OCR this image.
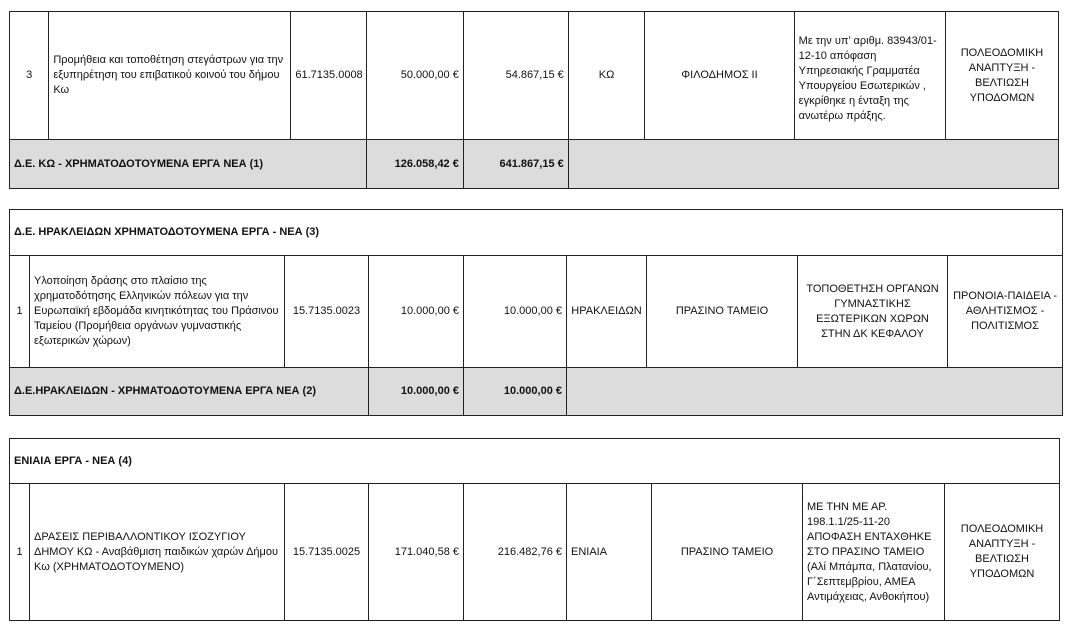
3	Προμήθεια και τοποθέτηση στεγάστρων για την εξυπηρέτηση του επιβατικού κοινού του δήμου Κω	61.7135.0008	50.000,00 €	54.867,15 €	ΚΩ	ΦΙΛΟΔΗΜΟΣ ΙΙ	Με την υπ’ αριθμ. 83943/01-12-10 απόφαση Υπηρεσιακής Γραμματέα Υπουργείου Εσωτερικών , εγκρίθηκε η ένταξη της ανωτέρω πράξης.	ΠΟΛΕΟΔΟΜΙΚΗ ΑΝΑΠΤΥΞΗ - ΒΕΛΤΙΩΣΗ ΥΠΟΔΟΜΩΝ
Δ.Ε. ΚΩ - ΧΡΗΜΑΤΟΔΟΤΟΥΜΕΝΑ ΕΡΓΑ ΝΕΑ (1)			126.058,42 €	641.867,15 €				
Δ.Ε. ΗΡΑΚΛΕΙΔΩΝ ΧΡΗΜΑΤΟΔΟΤΟΥΜΕΝΑ ΕΡΓΑ - ΝΕΑ (3)								
1	Υλοποίηση δράσης στο πλαίσιο της χρηματοδότησης Ελληνικών πόλεων για την Ευρωπαϊκή εβδομάδα κινητικότητας του Πράσινου Ταμείου (Προμήθεια οργάνων γυμναστικής εξωτερικών χώρων)	15.7135.0023	10.000,00 €	10.000,00 €	ΗΡΑΚΛΕΙΔΩΝ	ΠΡΑΣΙΝΟ ΤΑΜΕΙΟ	ΤΟΠΟΘΕΤΗΣΗ ΟΡΓΑΝΩΝ ΓΥΜΝΑΣΤΙΚΗΣ ΕΞΩΤΕΡΙΚΩΝ ΧΩΡΩΝ ΣΤΗΝ ΔΚ ΚΕΦΑΛΟΥ	ΠΡΟΝΟΙΑ-ΠΑΙΔΕΙΑ - ΑΘΛΗΤΙΣΜΟΣ - ΠΟΛΙΤΙΣΜΟΣ
Δ.Ε.ΗΡΑΚΛΕΙΔΩΝ - ΧΡΗΜΑΤΟΔΟΤΟΥΜΕΝΑ ΕΡΓΑ ΝΕΑ (2)			10.000,00 €	10.000,00 €				
ΕΝΙΑΙΑ ΕΡΓΑ - ΝΕΑ (4)
1	ΔΡΑΣΕΙΣ ΠΕΡΙΒΑΛΛΟΝΤΙΚΟΥ ΙΣΟΖΥΓΙΟΥ ΔΗΜΟΥ ΚΩ - Αναβάθμιση παιδικών χαρών Δήμου Κω (ΧΡΗΜΑΤΟΔΟΤΟΥΜΕΝΟ)	15.7135.0025	171.040,58 €	216.482,76 €	ΕΝΙΑΙΑ	ΠΡΑΣΙΝΟ ΤΑΜΕΙΟ	ΜΕ ΤΗΝ ΜΕ ΑΡ. 198.1.1/25-11-20 ΑΠΟΦΑΣΗ ΕΝΤΑΧΘΗΚΕ ΣΤΟ ΠΡΑΣΙΝΟ ΤΑΜΕΙΟ (Αλί Μπάμπα, Πλατανίου, Γ΄Σεπτεμβρίου, ΑΜΕΑ Αντιμάχειας, Ανθοκήπου)	ΠΟΛΕΟΔΟΜΙΚΗ ΑΝΑΠΤΥΞΗ - ΒΕΛΤΙΩΣΗ ΥΠΟΔΟΜΩΝ
